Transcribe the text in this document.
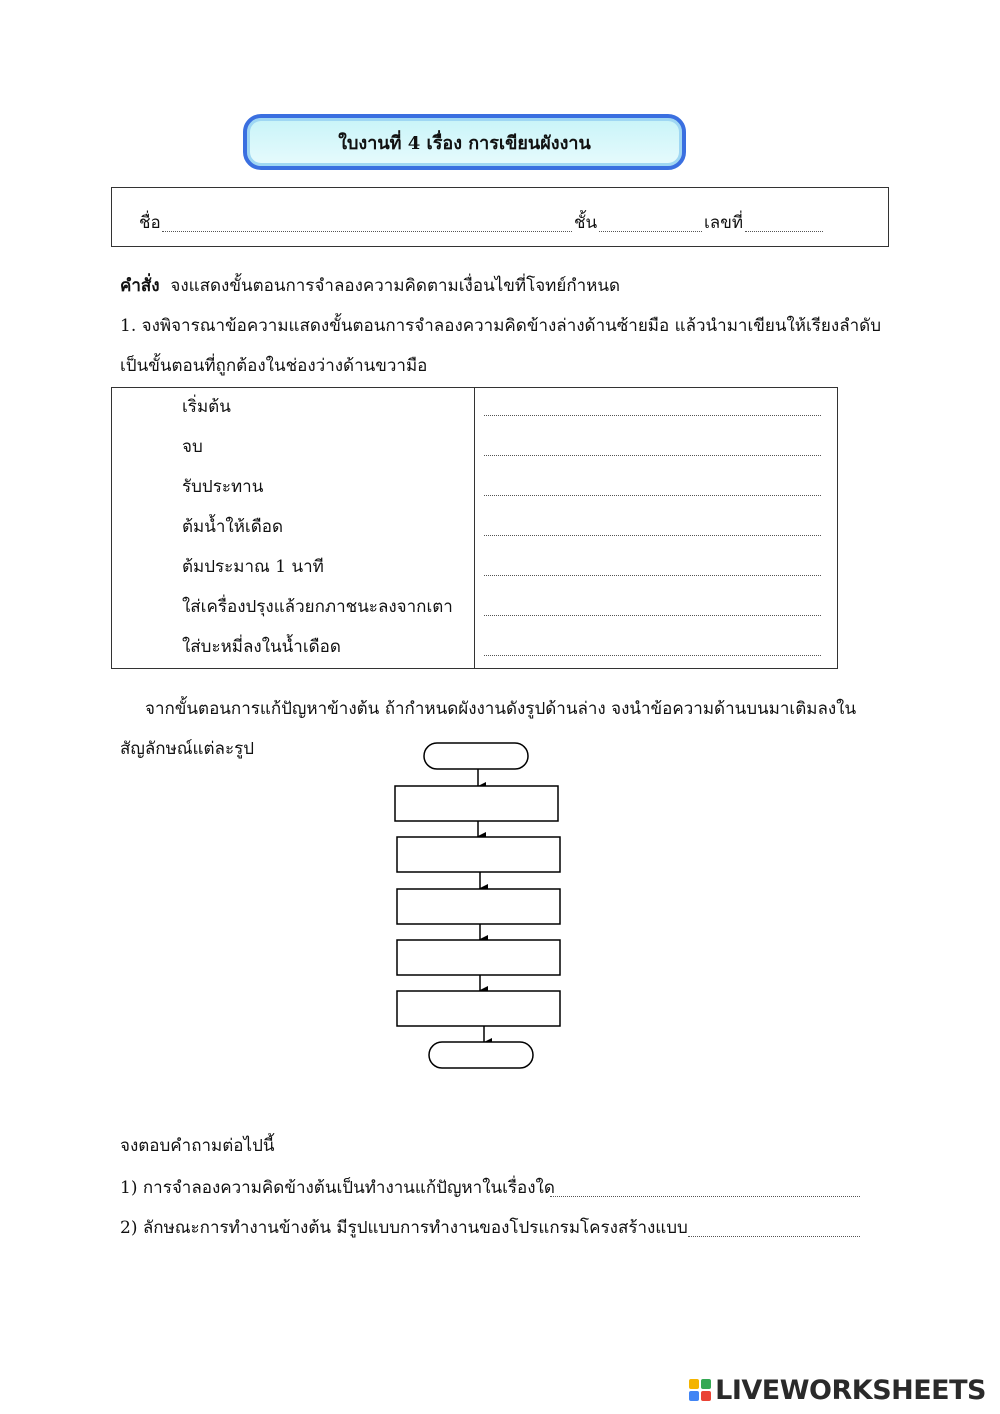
ใบงานที่ 4 เรื่อง การเขียนผังงาน
ชื่อ	ชั้น	เลขที่
คำสั่ง จงแสดงขั้นตอนการจำลองความคิดตามเงื่อนไขที่โจทย์กำหนด
1. จงพิจารณาข้อความแสดงขั้นตอนการจำลองความคิดข้างล่างด้านซ้ายมือ แล้วนำมาเขียนให้เรียงลำดับ
เป็นขั้นตอนที่ถูกต้องในช่องว่างด้านขวามือ
เริ่มต้น
จบ
รับประทาน
ต้มน้ำให้เดือด
ต้มประมาณ 1 นาที
ใส่เครื่องปรุงแล้วยกภาชนะลงจากเตา
ใส่บะหมี่ลงในน้ำเดือด
จากขั้นตอนการแก้ปัญหาข้างต้น ถ้ากำหนดผังงานดังรูปด้านล่าง จงนำข้อความด้านบนมาเติมลงใน
สัญลักษณ์แต่ละรูป
จงตอบคำถามต่อไปนี้
1) การจำลองความคิดข้างต้นเป็นทำงานแก้ปัญหาในเรื่องใด
2) ลักษณะการทำงานข้างต้น มีรูปแบบการทำงานของโปรแกรมโครงสร้างแบบ
LIVEWORKSHEETS
